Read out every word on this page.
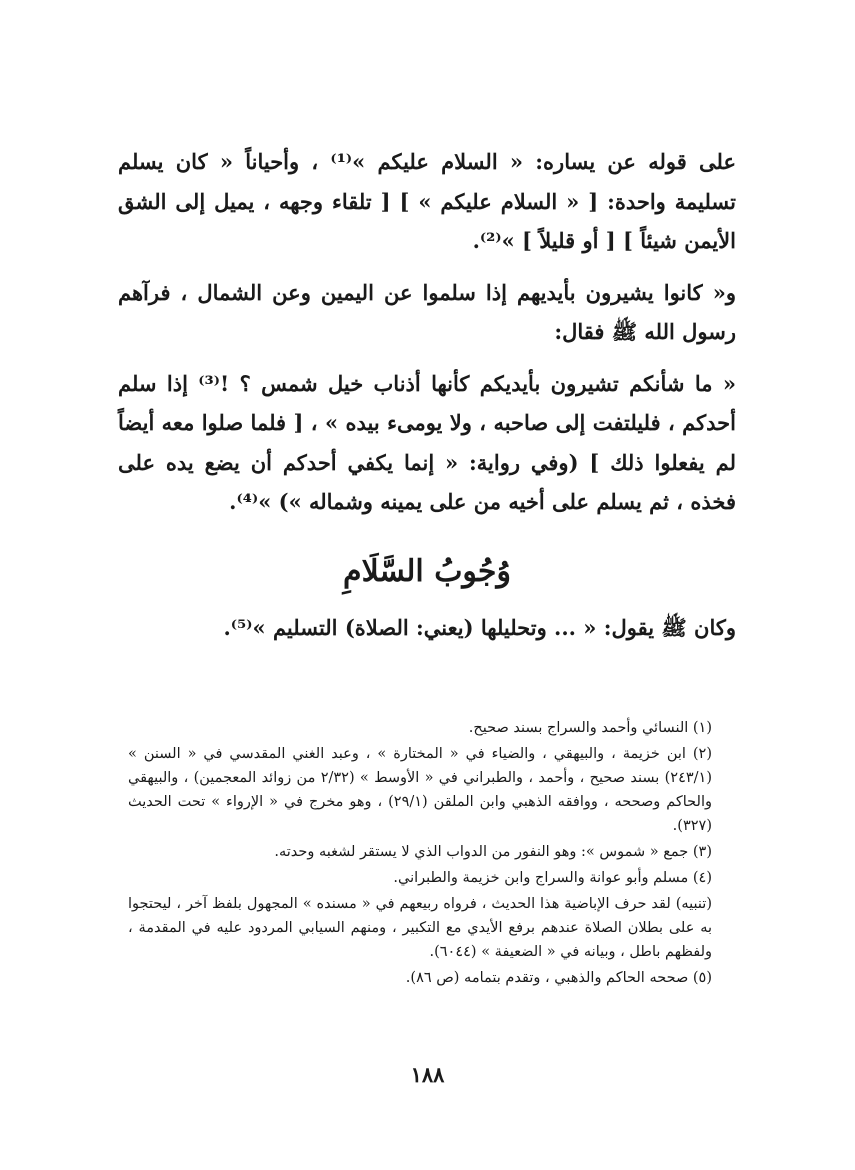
على قوله عن يساره: « السلام عليكم »⁽¹⁾ ، وأحياناً « كان يسلم تسليمة واحدة: [ « السلام عليكم » ] [ تلقاء وجهه ، يميل إلى الشق الأيمن شيئاً ] [ أو قليلاً ] »⁽²⁾.

و« كانوا يشيرون بأيديهم إذا سلموا عن اليمين وعن الشمال ، فرآهم رسول الله ﷺ فقال:

« ما شأنكم تشيرون بأيديكم كأنها أذناب خيل شمس ؟ !⁽³⁾ إذا سلم أحدكم ، فليلتفت إلى صاحبه ، ولا يومىء بيده » ، [ فلما صلوا معه أيضاً لم يفعلوا ذلك ] (وفي رواية: « إنما يكفي أحدكم أن يضع يده على فخذه ، ثم يسلم على أخيه من على يمينه وشماله ») »⁽⁴⁾.

وُجُوبُ السَّلَامِ
وكان ﷺ يقول: « ... وتحليلها (يعني: الصلاة) التسليم »⁽⁵⁾.

(١) النسائي وأحمد والسراج بسند صحيح.

(٢) ابن خزيمة ، والبيهقي ، والضياء في « المختارة » ، وعبد الغني المقدسي في « السنن » (٢٤٣/١) بسند صحيح ، وأحمد ، والطبراني في « الأوسط » (٢/٣٢ من زوائد المعجمين) ، والبيهقي والحاكم وصححه ، ووافقه الذهبي وابن الملقن (٢٩/١) ، وهو مخرج في « الإرواء » تحت الحديث (٣٢٧).

(٣) جمع « شموس »: وهو النفور من الدواب الذي لا يستقر لشغبه وحدته.

(٤) مسلم وأبو عوانة والسراج وابن خزيمة والطبراني.

(تنبيه) لقد حرف الإباضية هذا الحديث ، فرواه ربيعهم في « مسنده » المجهول بلفظ آخر ، ليحتجوا به على بطلان الصلاة عندهم برفع الأيدي مع التكبير ، ومنهم السيابي المردود عليه في المقدمة ، ولفظهم باطل ، وبيانه في « الضعيفة » (٦٠٤٤).

(٥) صححه الحاكم والذهبي ، وتقدم بتمامه (ص ٨٦).

١٨٨
